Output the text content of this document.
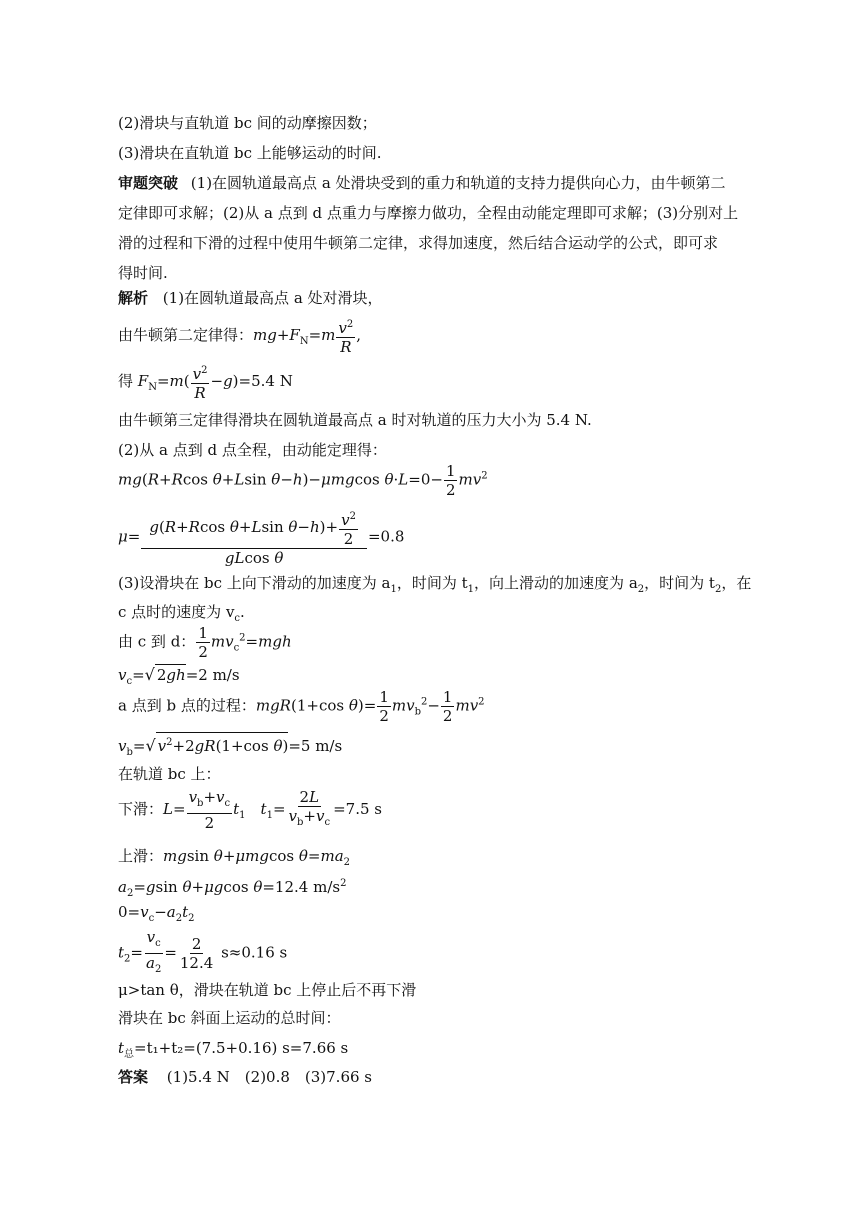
(2)滑块与直轨道 bc 间的动摩擦因数；
(3)滑块在直轨道 bc 上能够运动的时间.
审题突破 (1)在圆轨道最高点 a 处滑块受到的重力和轨道的支持力提供向心力，由牛顿第二
定律即可求解；(2)从 a 点到 d 点重力与摩擦力做功，全程由动能定理即可求解；(3)分别对上
滑的过程和下滑的过程中使用牛顿第二定律，求得加速度，然后结合运动学的公式，即可求
得时间.
解析 (1)在圆轨道最高点 a 处对滑块，
由牛顿第二定律得：$mg+F_N=m \frac{v^2}{R}$ ,
得 $F_N=m( \frac{v^2}{R} -g)=5.4$ N
由牛顿第三定律得滑块在圆轨道最高点 a 时对轨道的压力大小为 5.4 N.
(2)从 a 点到 d 点全程，由动能定理得：
mg(R+Rcos θ+Lsin θ−h)−μmgcos $\theta\cdot L=0- \frac{1}{2} mv^2$
$\mu= \frac{g(R+Rcos \theta+Lsin \theta-h)+ \frac{v^2}{2}}{\text{gLcos θ}} =0.8$
(3)设滑块在 bc 上向下滑动的加速度为 $a_1$，时间为 $t_1$，向上滑动的加速度为 $a_2$，时间为 $t_2$，在
c 点时的速度为 $v_c$.
由 c 到 d： $\frac{1}{2} mv_c^2=mgh$
$v_c=√$ 2gh=2 m/s
a 点到 b 点的过程：mgR(1+cos $\theta)= \frac{1}{2} mv_b^2- \frac{1}{2} mv^2$
$v_b=√$ $v^2+2gR(1+\cos$ θ)=5 m/s
在轨道 bc 上：
下滑：$L= \frac{v_b+v_c}{2} t_1$　 $t_1= \frac{2L}{v_b+v_c} =7.5$ s
上滑：mgsin θ+μmgcos $\theta=ma_2$
$a_2=gsin$ θ+μgcos θ=12.4 $m/s^2$
$0=v_c-a_2t_2$
$t_2= \frac{v_c}{a_2} = \frac{2}{12.4} s\approx 0.16$ s
μ>tan θ，滑块在轨道 bc 上停止后不再下滑
滑块在 bc 斜面上运动的总时间：
$t_总=t_1+t_2=(7.5+0.16)$ s=7.66 s
答案 (1)5.4 N　(2)0.8　(3)7.66 s
